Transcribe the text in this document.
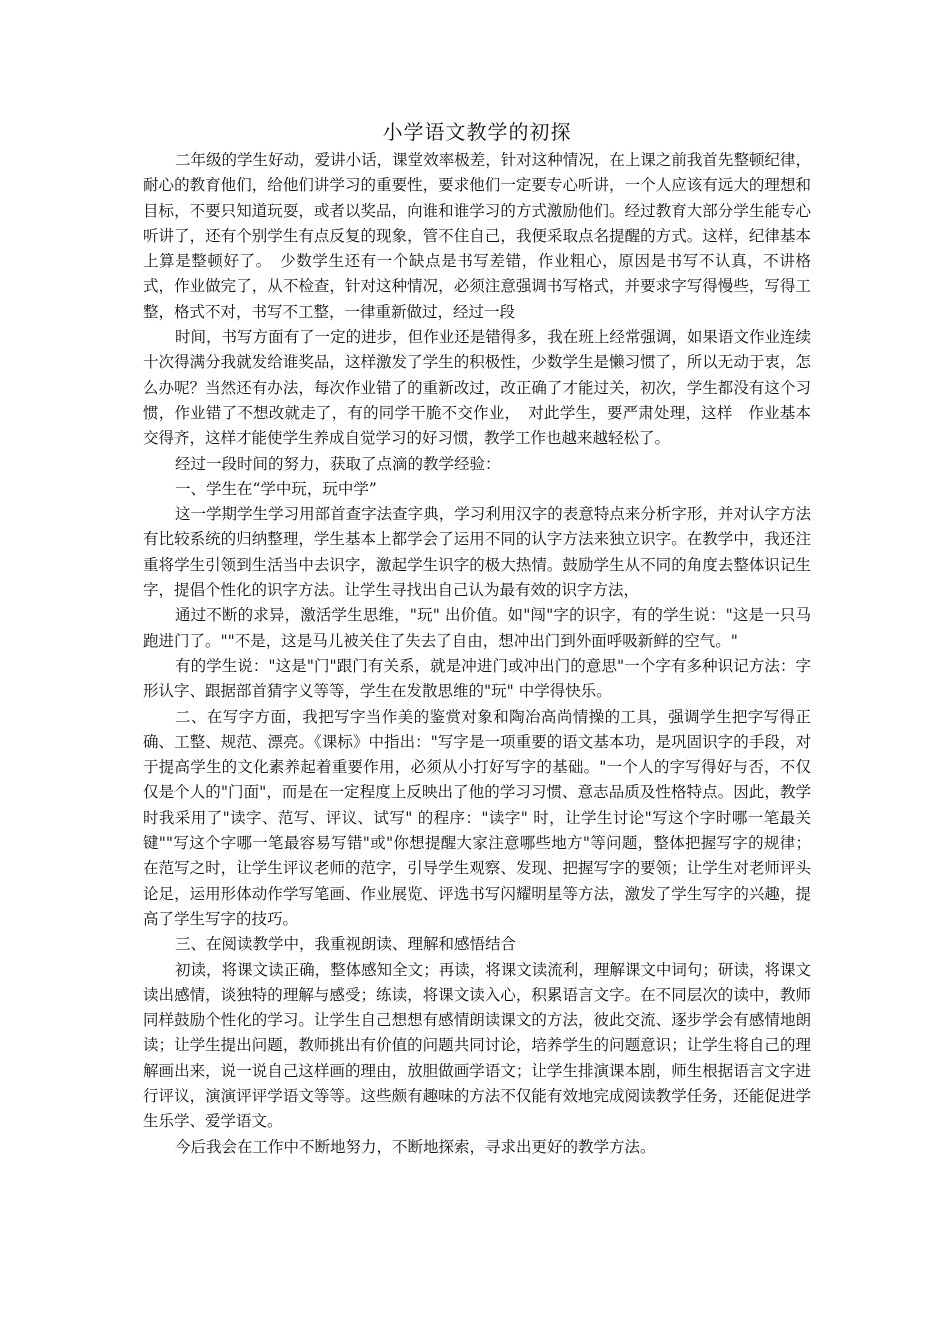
小学语文教学的初探

二年级的学生好动，爱讲小话，课堂效率极差，针对这种情况，在上课之前我首先整顿纪律，耐心的教育他们，给他们讲学习的重要性，要求他们一定要专心听讲，一个人应该有远大的理想和目标，不要只知道玩耍，或者以奖品，向谁和谁学习的方式激励他们。经过教育大部分学生能专心听讲了，还有个别学生有点反复的现象，管不住自己，我便采取点名提醒的方式。这样，纪律基本上算是整顿好了。　少数学生还有一个缺点是书写差错，作业粗心，原因是书写不认真，不讲格式，作业做完了，从不检查，针对这种情况，必须注意强调书写格式，并要求字写得慢些，写得工整，格式不对，书写不工整，一律重新做过，经过一段

时间，书写方面有了一定的进步，但作业还是错得多，我在班上经常强调，如果语文作业连续十次得满分我就发给谁奖品，这样激发了学生的积极性，少数学生是懒习惯了，所以无动于衷，怎么办呢？当然还有办法，每次作业错了的重新改过，改正确了才能过关，初次，学生都没有这个习惯，作业错了不想改就走了，有的同学干脆不交作业，　对此学生，要严肃处理，这样　作业基本交得齐，这样才能使学生养成自觉学习的好习惯，教学工作也越来越轻松了。

经过一段时间的努力，获取了点滴的教学经验：

一、学生在“学中玩，玩中学”

这一学期学生学习用部首查字法查字典，学习利用汉字的表意特点来分析字形，并对认字方法有比较系统的归纳整理，学生基本上都学会了运用不同的认字方法来独立识字。在教学中，我还注重将学生引领到生活当中去识字，激起学生识字的极大热情。鼓励学生从不同的角度去整体识记生字，提倡个性化的识字方法。让学生寻找出自己认为最有效的识字方法，

通过不断的求异，激活学生思维，"玩" 出价值。如"闯"字的识字，有的学生说："这是一只马跑进门了。""不是，这是马儿被关住了失去了自由，想冲出门到外面呼吸新鲜的空气。"

有的学生说："这是"门"跟门有关系，就是冲进门或冲出门的意思"一个字有多种识记方法：字形认字、跟据部首猜字义等等，学生在发散思维的"玩" 中学得快乐。

二、在写字方面，我把写字当作美的鉴赏对象和陶冶高尚情操的工具，强调学生把字写得正确、工整、规范、漂亮。《课标》中指出："写字是一项重要的语文基本功，是巩固识字的手段，对于提高学生的文化素养起着重要作用，必须从小打好写字的基础。"一个人的字写得好与否，不仅仅是个人的"门面"，而是在一定程度上反映出了他的学习习惯、意志品质及性格特点。因此，教学时我采用了"读字、范写、评议、试写" 的程序："读字" 时，让学生讨论"写这个字时哪一笔最关键""写这个字哪一笔最容易写错"或"你想提醒大家注意哪些地方"等问题，整体把握写字的规律；在范写之时，让学生评议老师的范字，引导学生观察、发现、把握写字的要领；让学生对老师评头论足，运用形体动作学写笔画、作业展览、评选书写闪耀明星等方法，激发了学生写字的兴趣，提高了学生写字的技巧。

三、在阅读教学中，我重视朗读、理解和感悟结合

初读，将课文读正确，整体感知全文；再读，将课文读流利，理解课文中词句；研读，将课文读出感情，谈独特的理解与感受；练读，将课文读入心，积累语言文字。在不同层次的读中，教师同样鼓励个性化的学习。让学生自己想想有感情朗读课文的方法，彼此交流、逐步学会有感情地朗读；让学生提出问题，教师挑出有价值的问题共同讨论，培养学生的问题意识；让学生将自己的理解画出来，说一说自己这样画的理由，放胆做画学语文；让学生排演课本剧，师生根据语言文字进行评议，演演评评学语文等等。这些颇有趣味的方法不仅能有效地完成阅读教学任务，还能促进学生乐学、爱学语文。

今后我会在工作中不断地努力，不断地探索，寻求出更好的教学方法。
